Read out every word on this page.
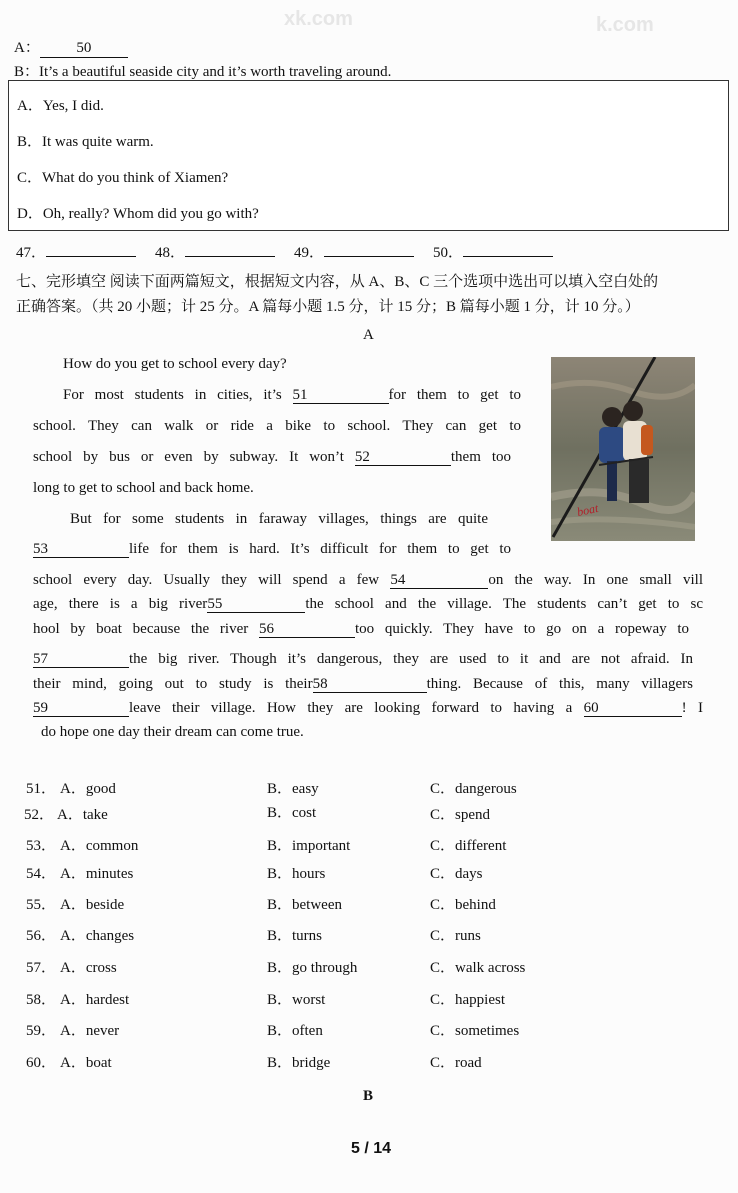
xk.com	k.com
A： 50
B：It’s a beautiful seaside city and it’s worth traveling around.
A．Yes, I did.
B．It was quite warm.
C．What do you think of Xiamen?
D．Oh, really? Whom did you go with?
47．	48．	49．	50．
七、完形填空 阅读下面两篇短文，根据短文内容，从 A、B、C 三个选项中选出可以填入空白处的
正确答案。（共 20 小题；计 25 分。A 篇每小题 1.5 分，计 15 分；B 篇每小题 1 分，计 10 分。）
A
boat
How do you get to school every day?
For most students in cities, it’s 51	for them to get to
school. They can walk or ride a bike to school. They can get to
school by bus or even by subway. It won’t 52	them too
long to get to school and back home.
But for some students in faraway villages, things are quite
53	life for them is hard. It’s difficult for them to get to
school every day. Usually they will spend a few 54	on the way. In one small vill
age, there is a big river55	the school and the village. The students can’t get to sc
hool by boat because the river 56	too quickly. They have to go on a ropeway to
57	the big river. Though it’s dangerous, they are used to it and are not afraid. In
their mind, going out to study is their58	thing. Because of this, many villagers
59	leave their village. How they are looking forward to having a 60	! I
do hope one day their dream can come true.
51． A．good	B．easy	C．dangerous
52． A．take	B．cost	C．spend
53． A．common	B．important	C．different
54． A．minutes	B．hours	C．days
55． A．beside	B．between	C．behind
56． A．changes	B．turns	C．runs
57． A．cross	B．go through	C．walk across
58． A．hardest	B．worst	C．happiest
59． A．never	B．often	C．sometimes
60． A．boat	B．bridge	C．road
B
5 / 14
